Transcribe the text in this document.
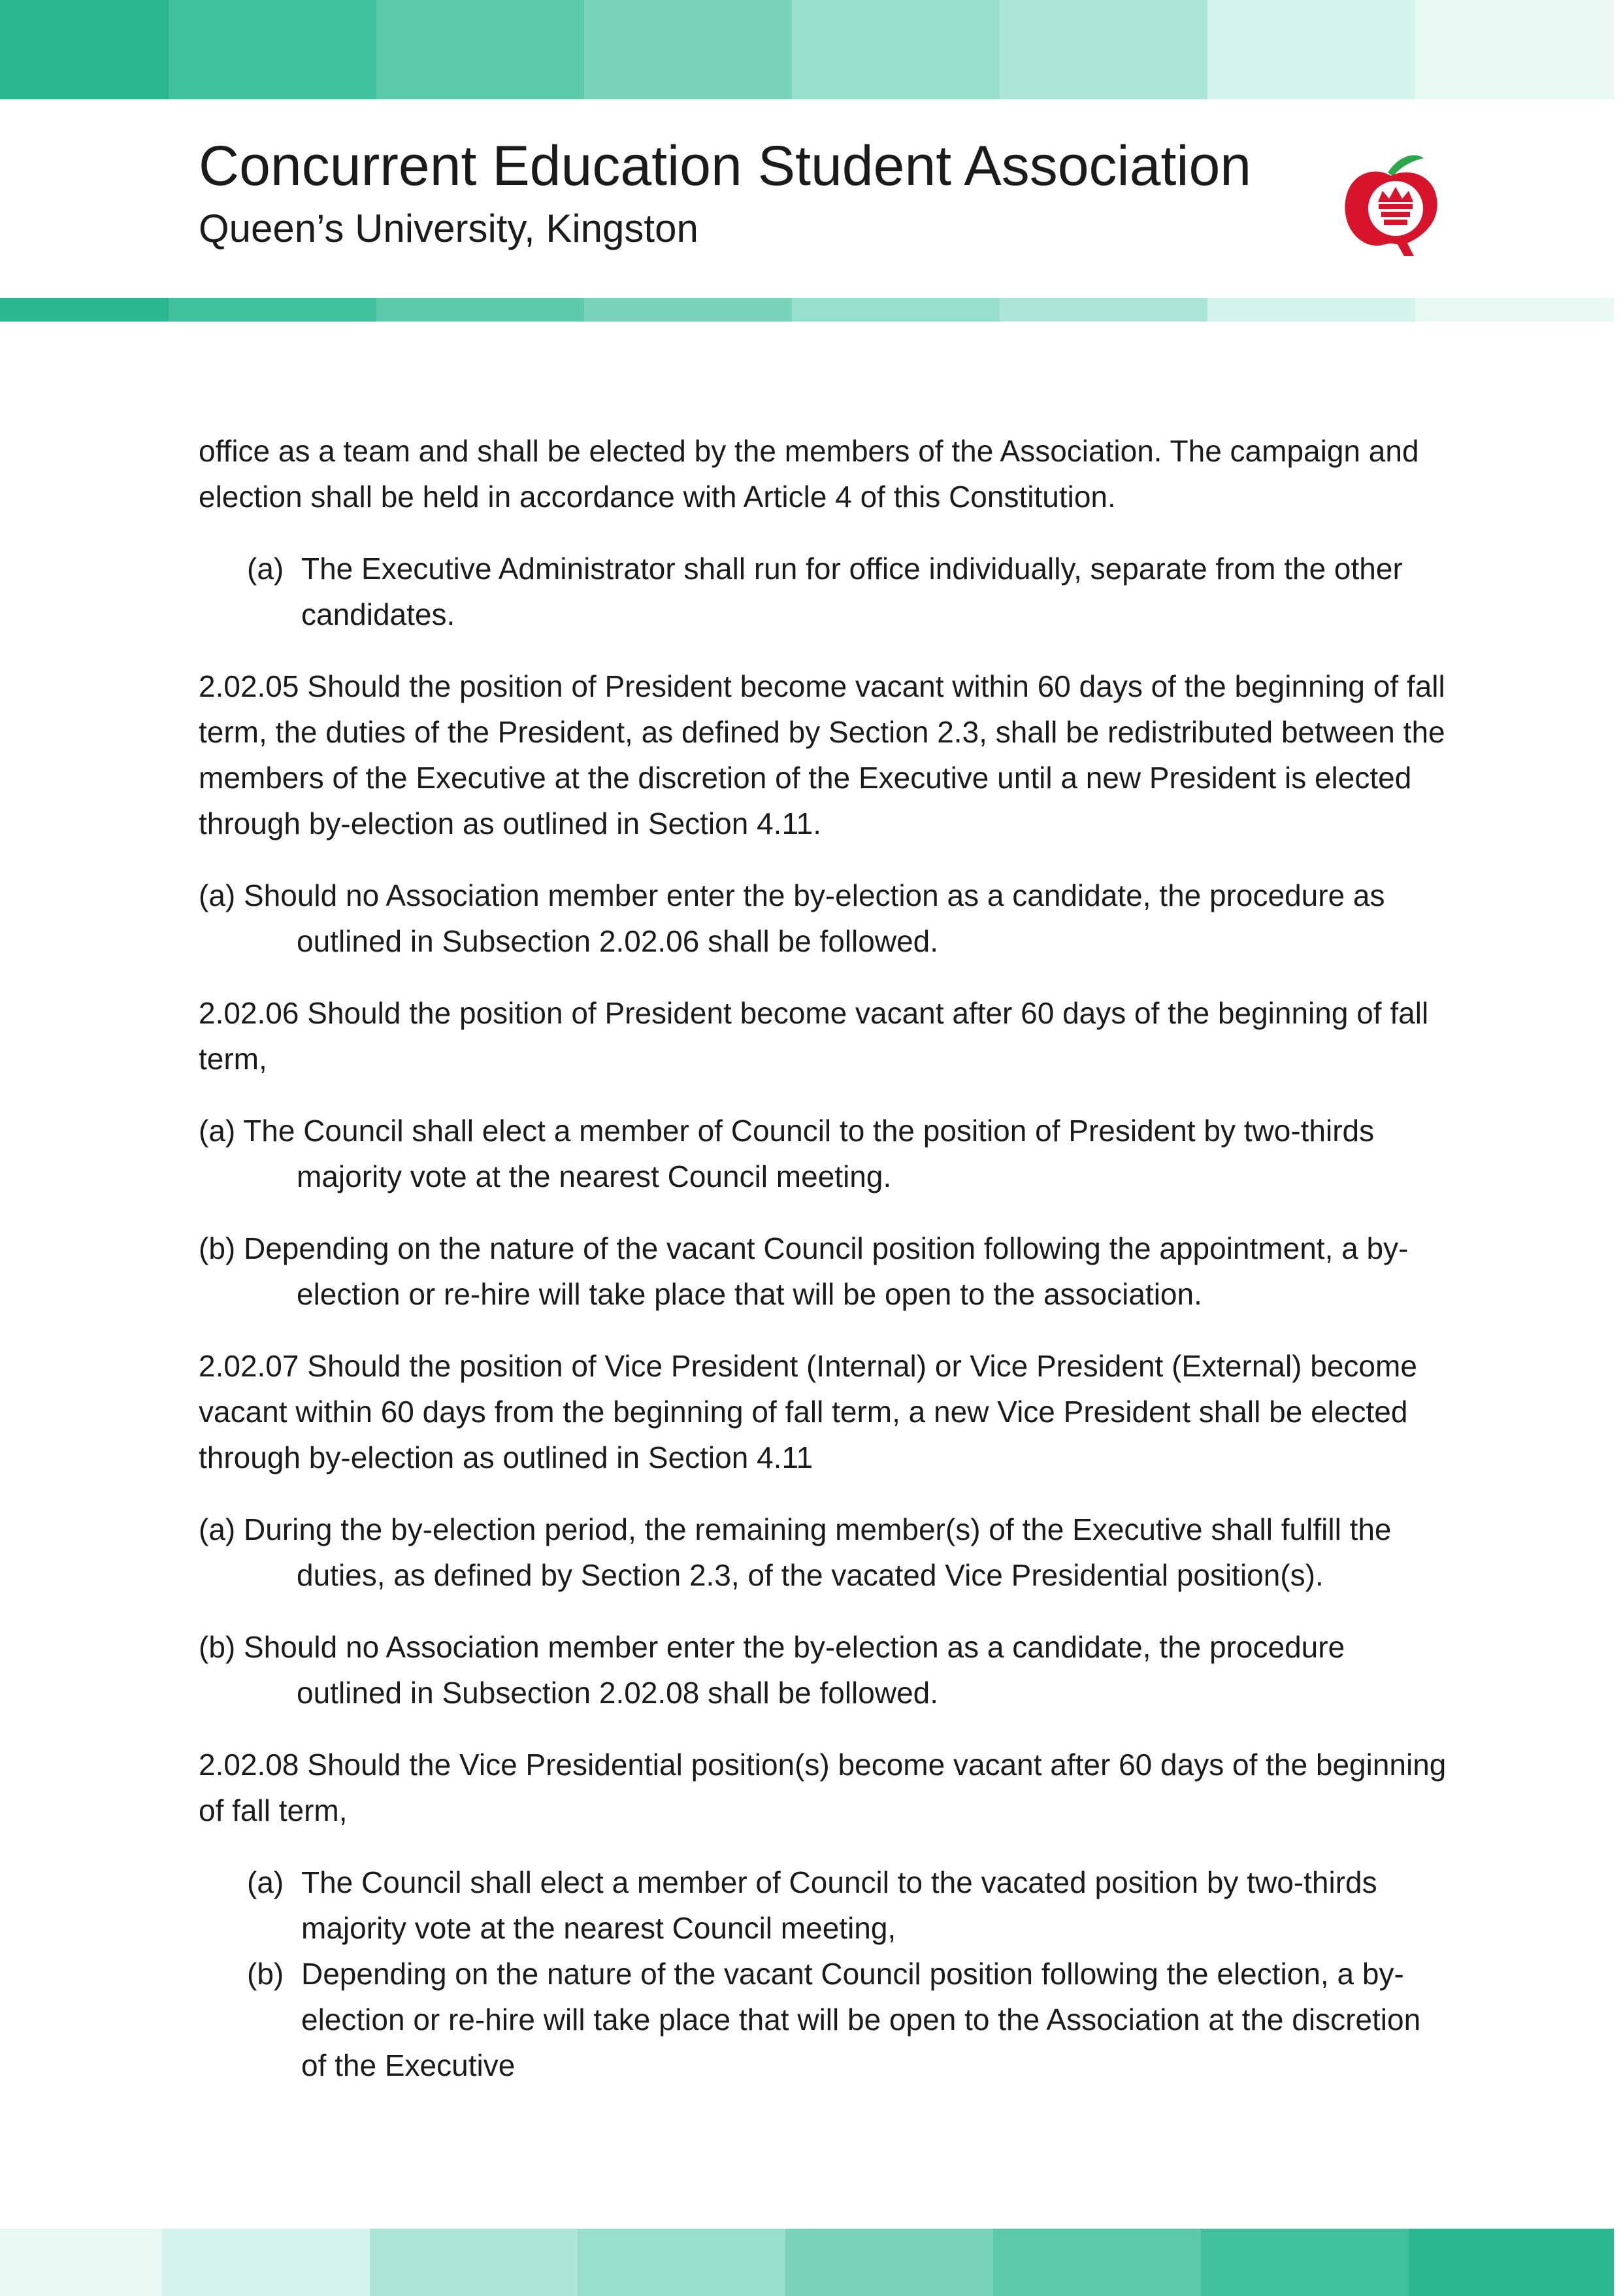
Concurrent Education Student Association
Queen’s University, Kingston

office as a team and shall be elected by the members of the Association. The campaign and election shall be held in accordance with Article 4 of this Constitution.

(a) The Executive Administrator shall run for office individually, separate from the other candidates.

2.02.05 Should the position of President become vacant within 60 days of the beginning of fall term, the duties of the President, as defined by Section 2.3, shall be redistributed between the members of the Executive at the discretion of the Executive until a new President is elected through by-election as outlined in Section 4.11.

(a) Should no Association member enter the by-election as a candidate, the procedure as outlined in Subsection 2.02.06 shall be followed.

2.02.06 Should the position of President become vacant after 60 days of the beginning of fall term,

(a) The Council shall elect a member of Council to the position of President by two-thirds majority vote at the nearest Council meeting.

(b) Depending on the nature of the vacant Council position following the appointment, a by-election or re-hire will take place that will be open to the association.

2.02.07 Should the position of Vice President (Internal) or Vice President (External) become vacant within 60 days from the beginning of fall term, a new Vice President shall be elected through by-election as outlined in Section 4.11

(a) During the by-election period, the remaining member(s) of the Executive shall fulfill the duties, as defined by Section 2.3, of the vacated Vice Presidential position(s).

(b) Should no Association member enter the by-election as a candidate, the procedure outlined in Subsection 2.02.08 shall be followed.

2.02.08 Should the Vice Presidential position(s) become vacant after 60 days of the beginning of fall term,

(a) The Council shall elect a member of Council to the vacated position by two-thirds majority vote at the nearest Council meeting,
(b) Depending on the nature of the vacant Council position following the election, a by-election or re-hire will take place that will be open to the Association at the discretion of the Executive
